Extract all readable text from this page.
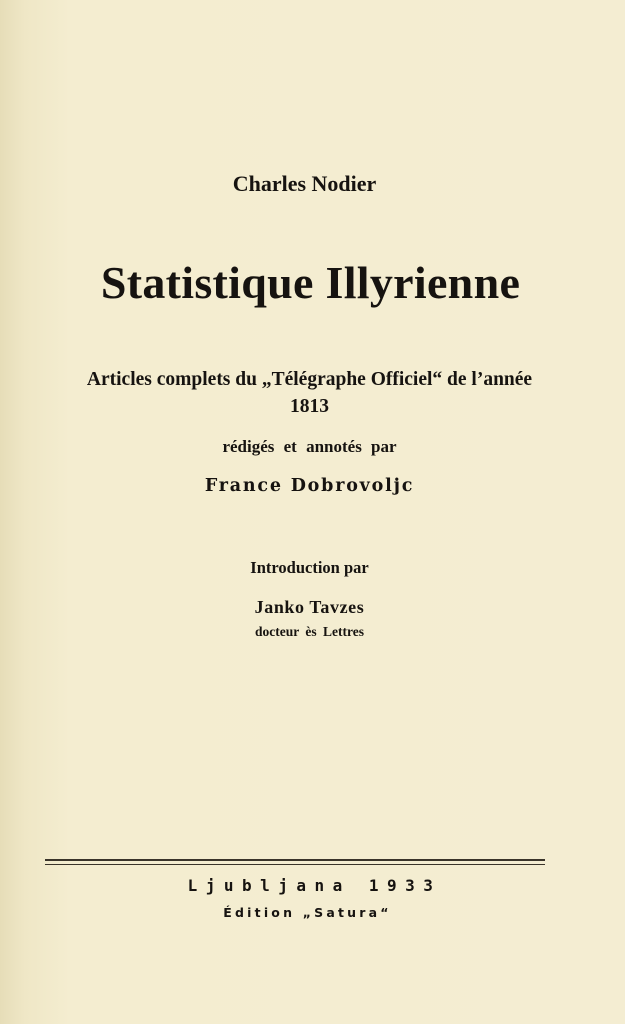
Charles Nodier
Statistique Illyrienne
Articles complets du „Télégraphe Officiel“ de l’année
1813
rédigés et annotés par
France Dobrovoljc
Introduction par
Janko Tavzes
docteur ès Lettres
Ljubljana 1933
Édition „Satura“
